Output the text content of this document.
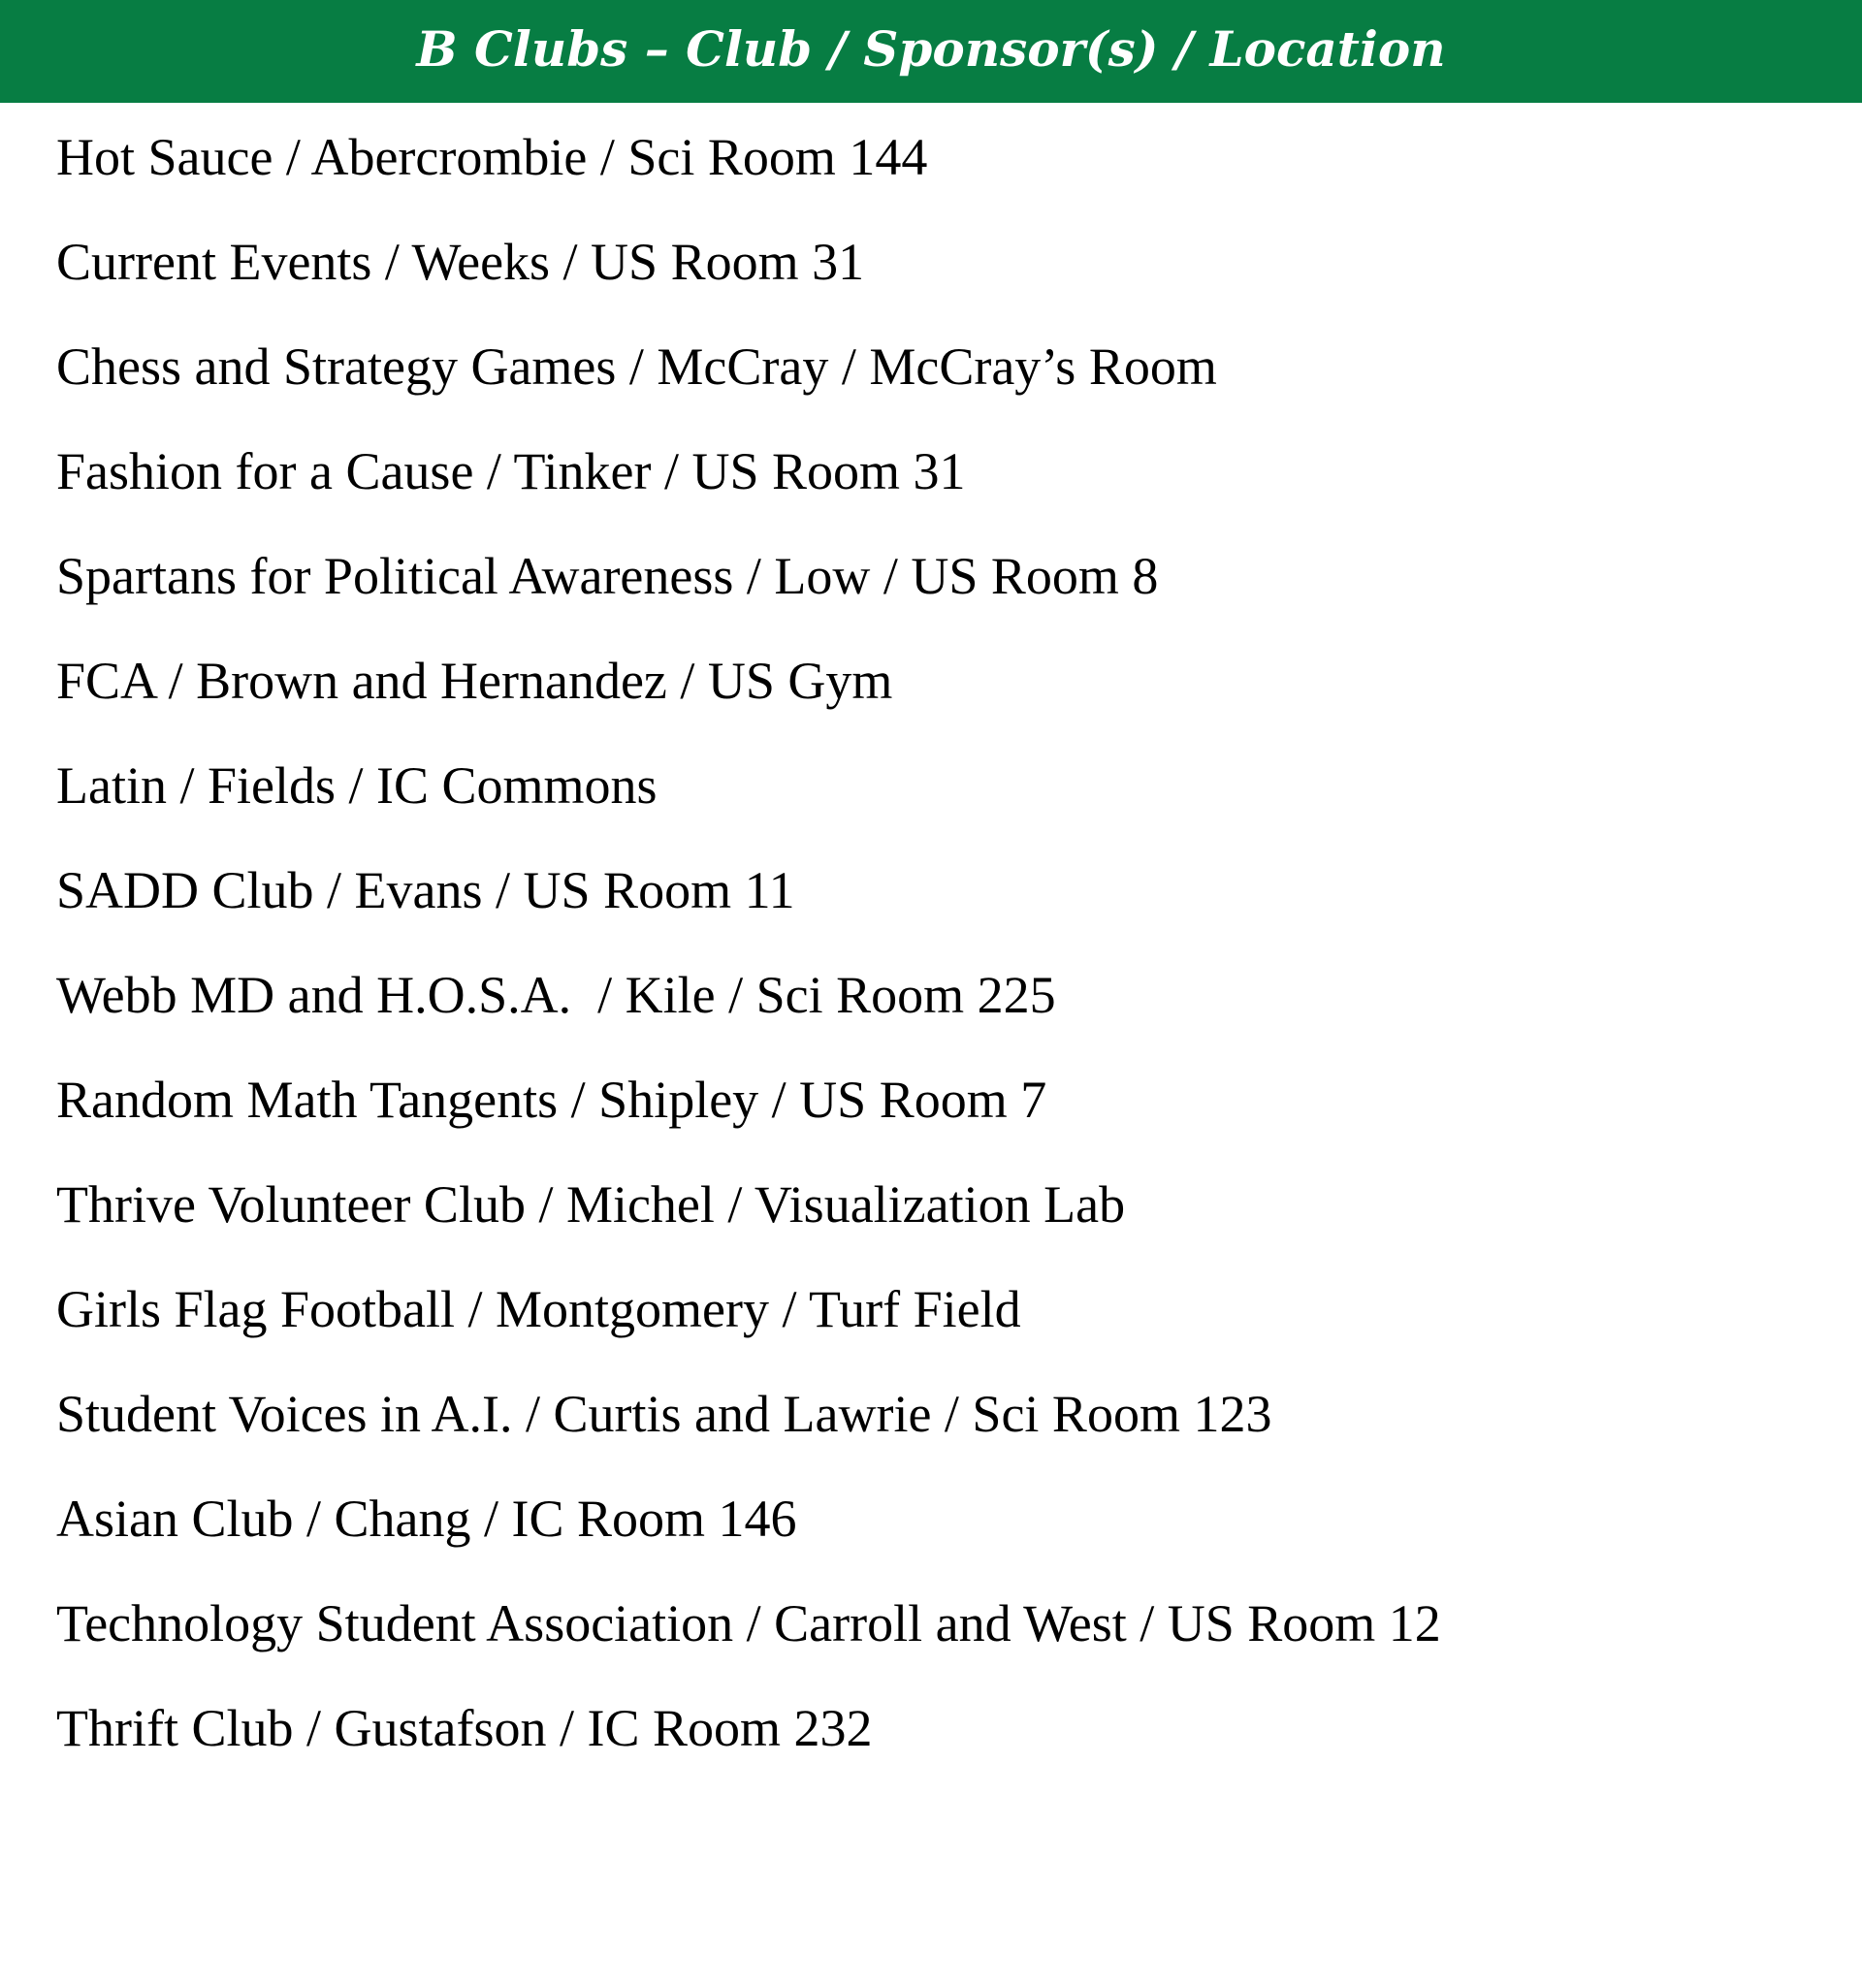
B Clubs – Club / Sponsor(s) / Location
Hot Sauce / Abercrombie / Sci Room 144
Current Events / Weeks / US Room 31
Chess and Strategy Games / McCray / McCray’s Room
Fashion for a Cause / Tinker / US Room 31
Spartans for Political Awareness / Low / US Room 8
FCA / Brown and Hernandez / US Gym
Latin / Fields / IC Commons
SADD Club / Evans / US Room 11
Webb MD and H.O.S.A.  / Kile / Sci Room 225
Random Math Tangents / Shipley / US Room 7
Thrive Volunteer Club / Michel / Visualization Lab
Girls Flag Football / Montgomery / Turf Field
Student Voices in A.I. / Curtis and Lawrie / Sci Room 123
Asian Club / Chang / IC Room 146
Technology Student Association / Carroll and West / US Room 12
Thrift Club / Gustafson / IC Room 232
